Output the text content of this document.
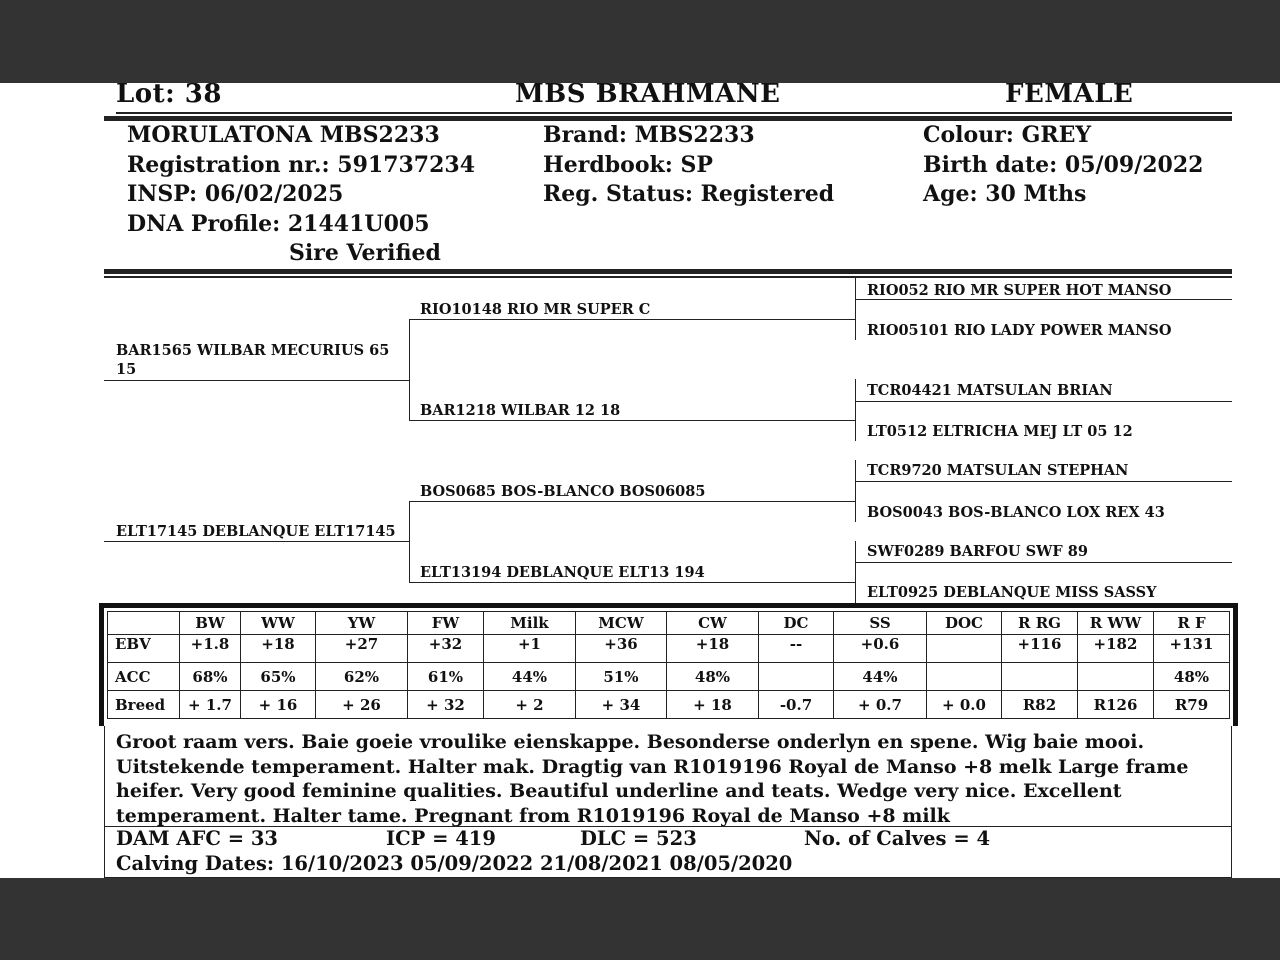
Lot: 38	MBS BRAHMANE	FEMALE
MORULATONA MBS2233
Registration nr.: 591737234
INSP: 06/02/2025
DNA Profile: 21441U005
Sire Verified
Brand: MBS2233
Herdbook: SP
Reg. Status: Registered
Colour: GREY
Birth date: 05/09/2022
Age: 30 Mths
BAR1565 WILBAR MECURIUS 65 15
ELT17145 DEBLANQUE ELT17145
RIO10148 RIO MR SUPER C
BAR1218 WILBAR 12 18
BOS0685 BOS-BLANCO BOS06085
ELT13194 DEBLANQUE ELT13 194
RIO052 RIO MR SUPER HOT MANSO
RIO05101 RIO LADY POWER MANSO
TCR04421 MATSULAN BRIAN
LT0512 ELTRICHA MEJ LT 05 12
TCR9720 MATSULAN STEPHAN
BOS0043 BOS-BLANCO LOX REX 43
SWF0289 BARFOU SWF 89
ELT0925 DEBLANQUE MISS SASSY
	BW	WW	YW	FW	Milk	MCW	CW	DC	SS	DOC	R RG	R WW	R F
EBV	+1.8	+18	+27	+32	+1	+36	+18	--	+0.6		+116	+182	+131
ACC	68%	65%	62%	61%	44%	51%	48%		44%				48%
Breed	+ 1.7	+ 16	+ 26	+ 32	+ 2	+ 34	+ 18	-0.7	+ 0.7	+ 0.0	R82	R126	R79
Groot raam vers. Baie goeie vroulike eienskappe. Besonderse onderlyn en spene. Wig baie mooi. Uitstekende temperament. Halter mak. Dragtig van R1019196 Royal de Manso +8 melk Large frame heifer. Very good feminine qualities. Beautiful underline and teats. Wedge very nice. Excellent temperament. Halter tame. Pregnant from R1019196 Royal de Manso +8 milk
DAM AFC = 33	ICP = 419	DLC = 523	No. of Calves = 4
Calving Dates: 16/10/2023 05/09/2022 21/08/2021 08/05/2020
